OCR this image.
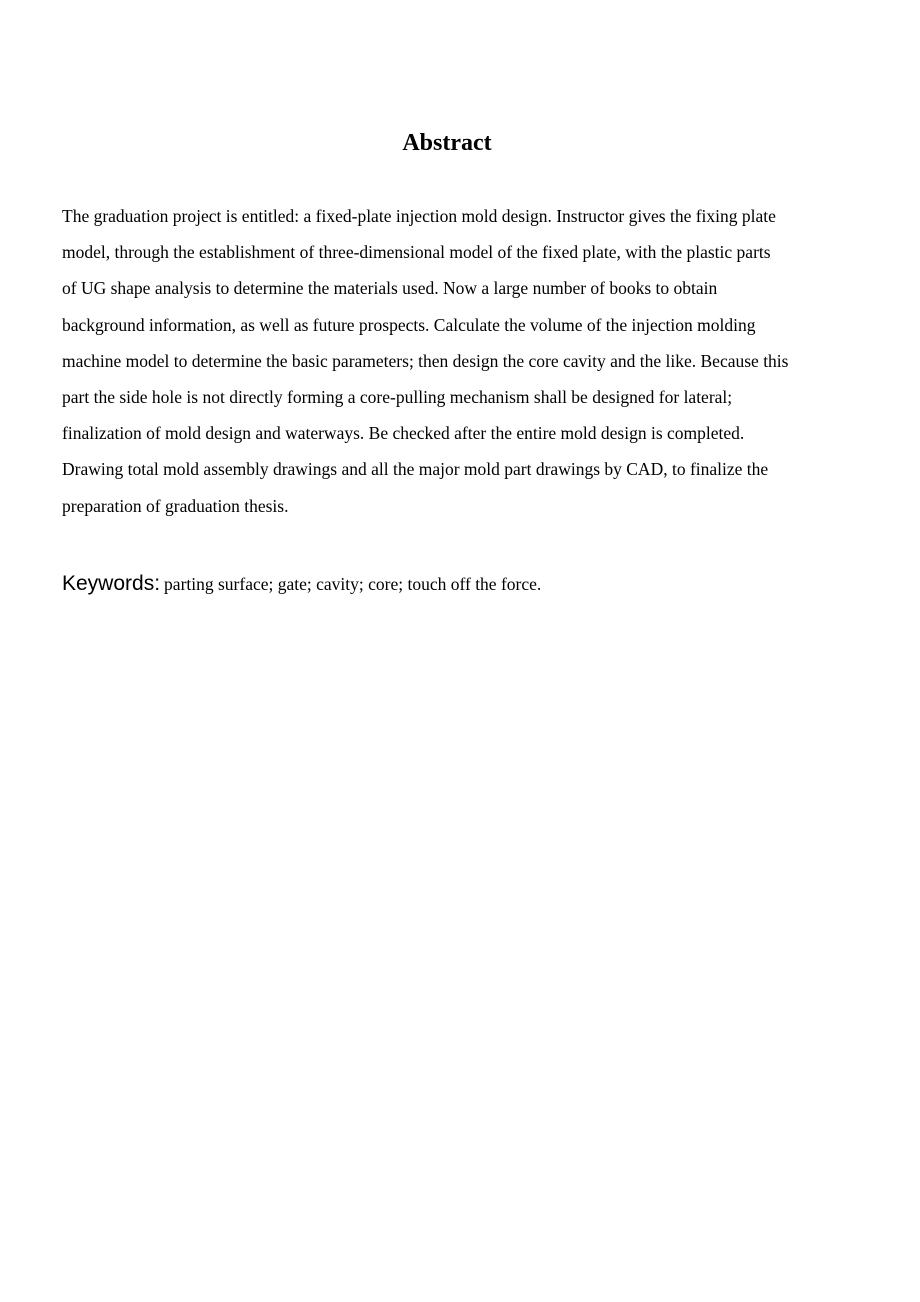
Abstract
The graduation project is entitled: a fixed-plate injection mold design. Instructor gives the fixing plate
model, through the establishment of three-dimensional model of the fixed plate, with the plastic parts
of UG shape analysis to determine the materials used. Now a large number of books to obtain
background information, as well as future prospects. Calculate the volume of the injection molding
machine model to determine the basic parameters; then design the core cavity and the like. Because this
part the side hole is not directly forming a core-pulling mechanism shall be designed for lateral;
finalization of mold design and waterways. Be checked after the entire mold design is completed.
Drawing total mold assembly drawings and all the major mold part drawings by CAD, to finalize the
preparation of graduation thesis.

Keywords: parting surface; gate; cavity; core; touch off the force.
